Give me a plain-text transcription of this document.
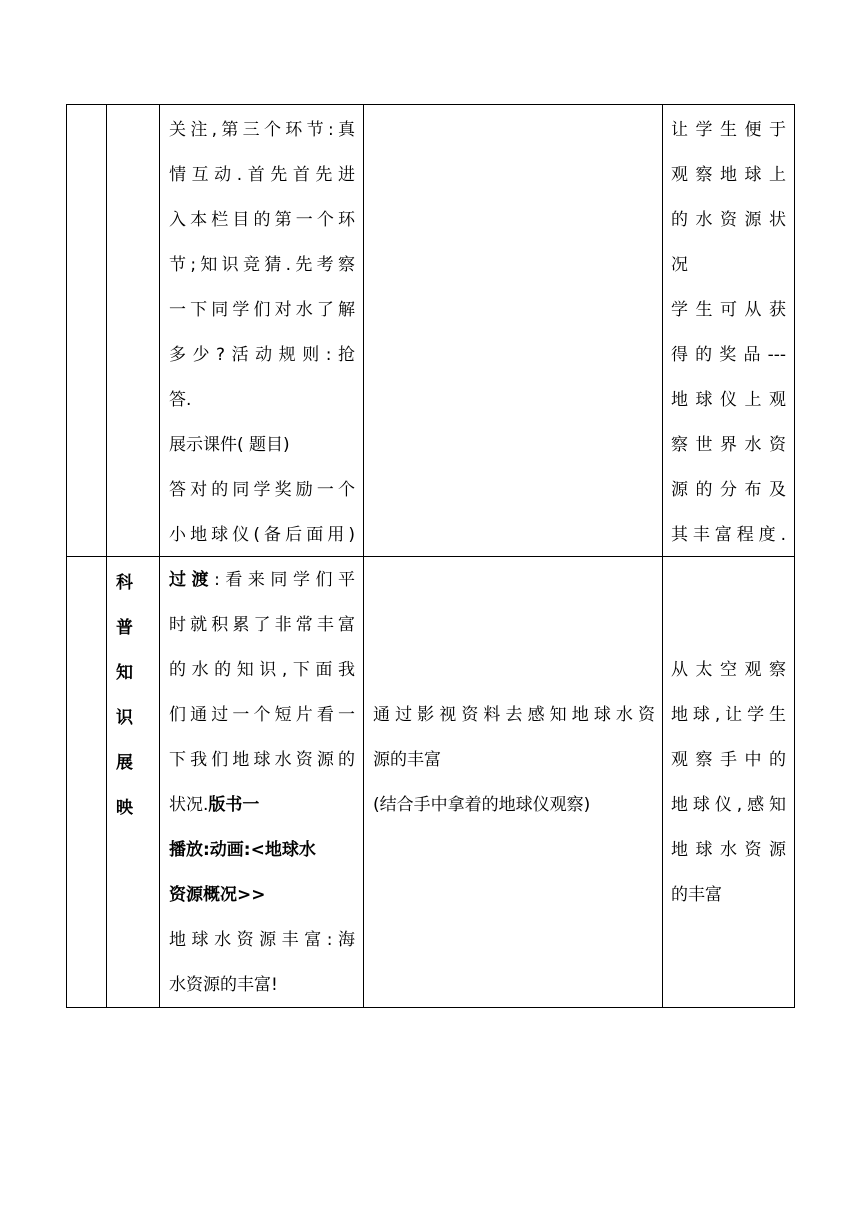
关注,第三个环节:真
情互动.首先首先进
入本栏目的第一个环
节;知识竞猜.先考察
一下同学们对水了解
多少?活动规则:抢
答.
展示课件( 题目)
答对的同学奖励一个
小地球仪(备后面用)
让学生便于
观察地球上
的水资源状
况
学生可从获
得的奖品---
地球仪上观
察世界水资
源的分布及
其丰富程度.
科
普
知
识
展
映
过渡:看来同学们平
时就积累了非常丰富
的水的知识,下面我
们通过一个短片看一
下我们地球水资源的
状况.版书一
播放:动画:<地球水
资源概况>>
地球水资源丰富:海
水资源的丰富!
通过影视资料去感知地球水资
源的丰富
(结合手中拿着的地球仪观察)
从太空观察
地球,让学生
观察手中的
地球仪,感知
地球水资源
的丰富
